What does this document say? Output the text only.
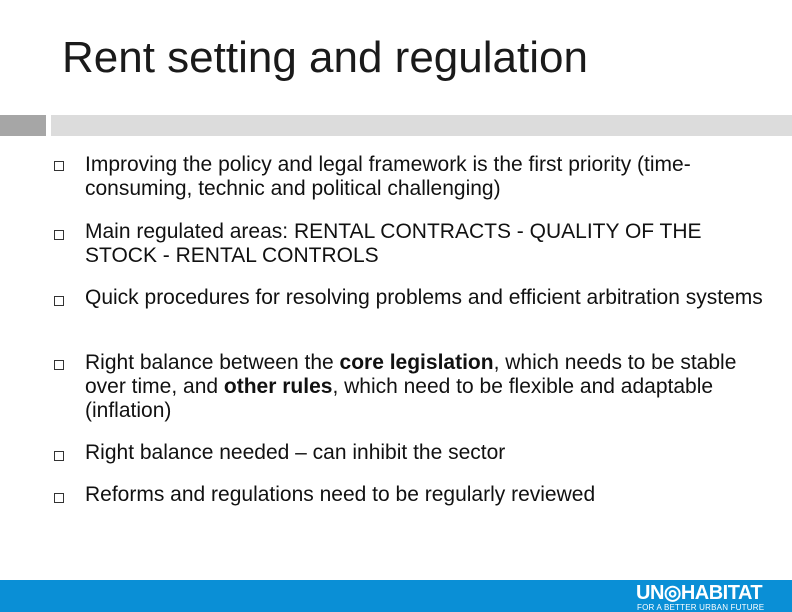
Rent setting and regulation
Improving the policy and legal framework is the first priority (time-consuming, technic and political challenging)
Main regulated areas: RENTAL CONTRACTS - QUALITY OF THE STOCK - RENTAL CONTROLS
Quick procedures for resolving problems and efficient arbitration systems
Right balance between the core legislation, which needs to be stable over time, and other rules, which need to be flexible and adaptable (inflation)
Right balance needed – can inhibit the sector
Reforms and regulations need to be regularly reviewed
UN◎HABITAT
FOR A BETTER URBAN FUTURE
